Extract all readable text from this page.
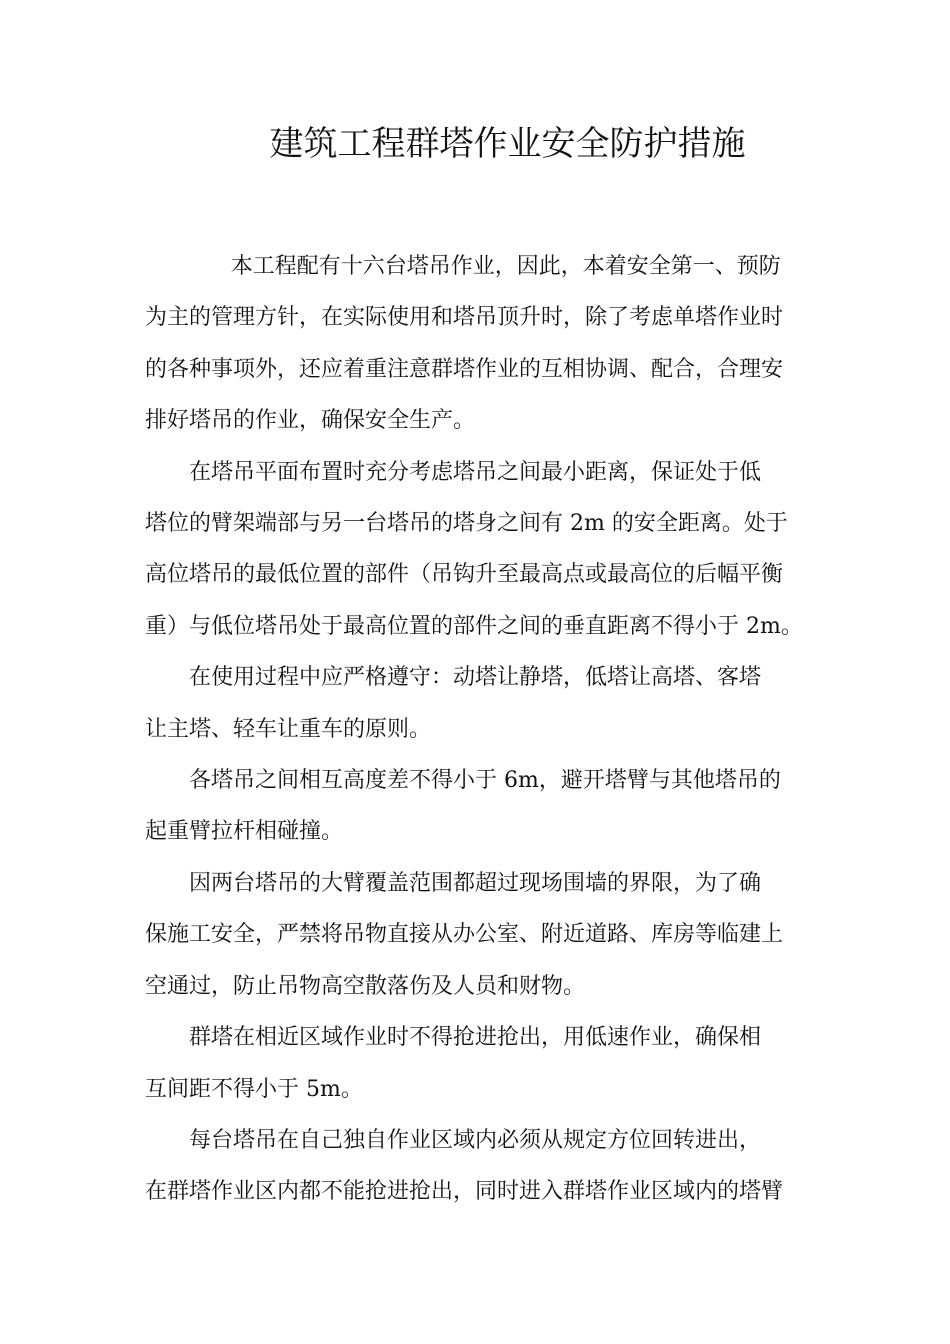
建筑工程群塔作业安全防护措施

本工程配有十六台塔吊作业，因此，本着安全第一、预防
为主的管理方针，在实际使用和塔吊顶升时，除了考虑单塔作业时
的各种事项外，还应着重注意群塔作业的互相协调、配合，合理安
排好塔吊的作业，确保安全生产。

在塔吊平面布置时充分考虑塔吊之间最小距离，保证处于低
塔位的臂架端部与另一台塔吊的塔身之间有 2m 的安全距离。处于
高位塔吊的最低位置的部件（吊钩升至最高点或最高位的后幅平衡
重）与低位塔吊处于最高位置的部件之间的垂直距离不得小于 2m。

在使用过程中应严格遵守：动塔让静塔，低塔让高塔、客塔
让主塔、轻车让重车的原则。

各塔吊之间相互高度差不得小于 6m，避开塔臂与其他塔吊的
起重臂拉杆相碰撞。

因两台塔吊的大臂覆盖范围都超过现场围墙的界限，为了确
保施工安全，严禁将吊物直接从办公室、附近道路、库房等临建上
空通过，防止吊物高空散落伤及人员和财物。

群塔在相近区域作业时不得抢进抢出，用低速作业，确保相
互间距不得小于 5m。

每台塔吊在自己独自作业区域内必须从规定方位回转进出，
在群塔作业区内都不能抢进抢出，同时进入群塔作业区域内的塔臂
